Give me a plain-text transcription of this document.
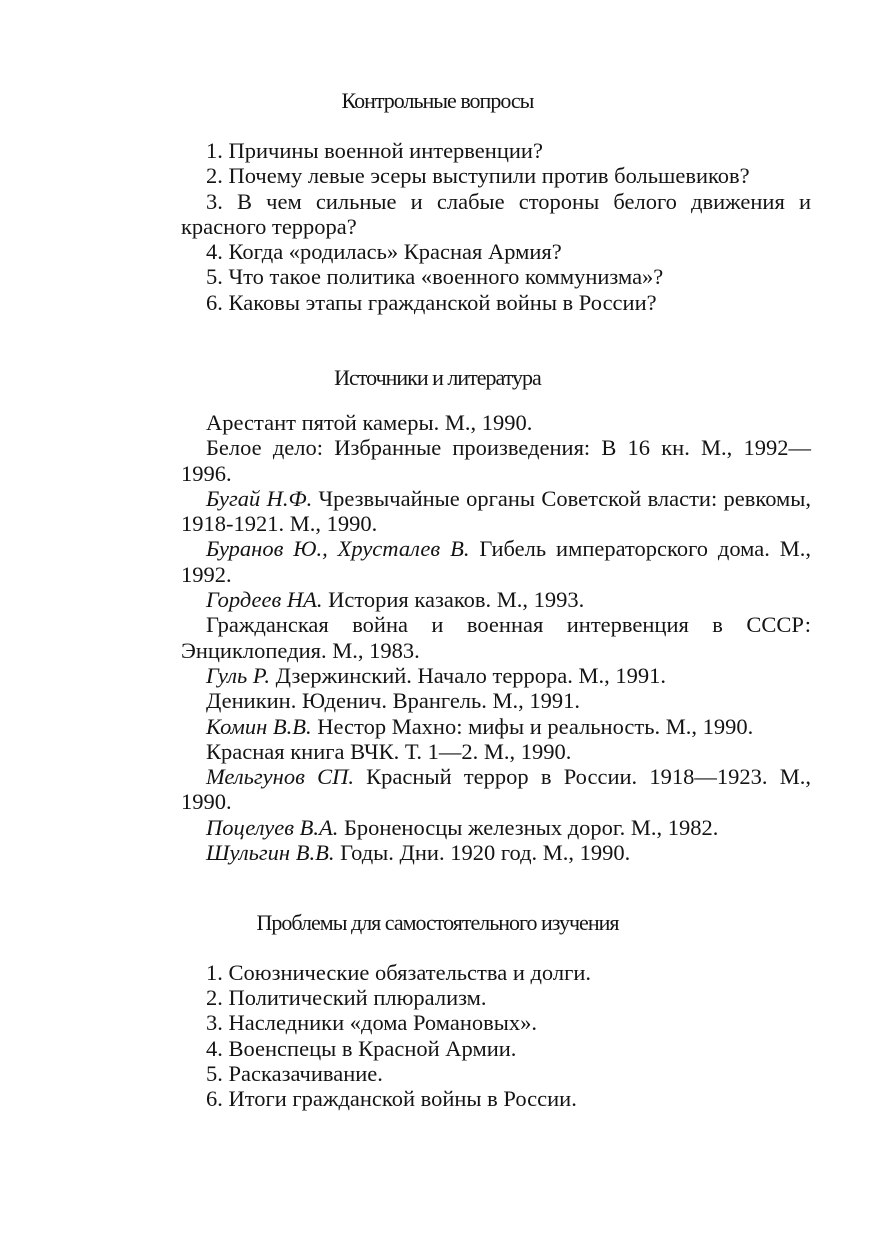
Контрольные вопросы
1. Причины военной интервенции?
2. Почему левые эсеры выступили против большевиков?
3. В чем сильные и слабые стороны белого движения и красного террора?
4. Когда «родилась» Красная Армия?
5. Что такое политика «военного коммунизма»?
6. Каковы этапы гражданской войны в России?
Источники и литература
Арестант пятой камеры. М., 1990.
Белое дело: Избранные произведения: В 16 кн. М., 1992—1996.
Бугай Н.Ф. Чрезвычайные органы Советской власти: ревкомы, 1918-1921. М., 1990.
Буранов Ю., Хрусталев В. Гибель императорского дома. М., 1992.
Гордеев НА. История казаков. М., 1993.
Гражданская война и военная интервенция в СССР: Энциклопедия. М., 1983.
Гуль Р. Дзержинский. Начало террора. М., 1991.
Деникин. Юденич. Врангель. М., 1991.
Комин В.В. Нестор Махно: мифы и реальность. М., 1990.
Красная книга ВЧК. Т. 1—2. М., 1990.
Мельгунов СП. Красный террор в России. 1918—1923. М., 1990.
Поцелуев В.А. Броненосцы железных дорог. М., 1982.
Шульгин В.В. Годы. Дни. 1920 год. М., 1990.
Проблемы для самостоятельного изучения
1. Союзнические обязательства и долги.
2. Политический плюрализм.
3. Наследники «дома Романовых».
4. Военспецы в Красной Армии.
5. Расказачивание.
6. Итоги гражданской войны в России.
